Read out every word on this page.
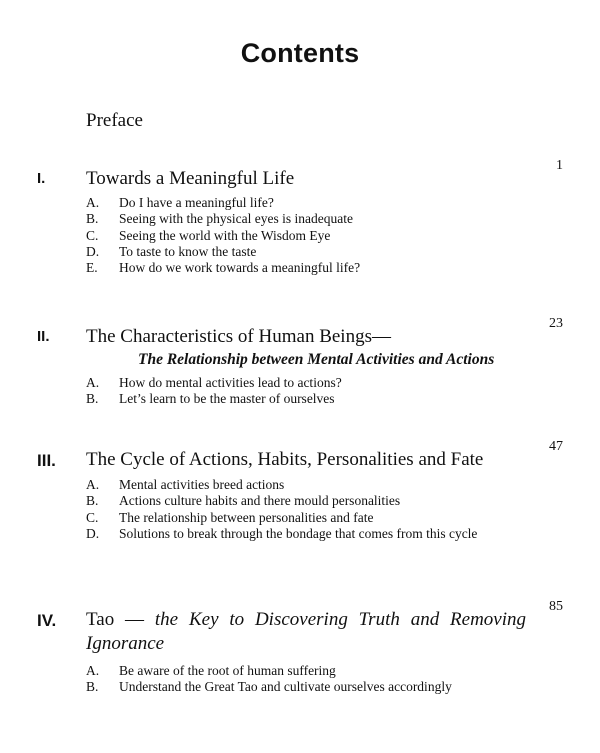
Contents
Preface
I. Towards a Meaningful Life
1
A. Do I have a meaningful life?
B. Seeing with the physical eyes is inadequate
C. Seeing the world with the Wisdom Eye
D. To taste to know the taste
E. How do we work towards a meaningful life?
II. The Characteristics of Human Beings—
The Relationship between Mental Activities and Actions
23
A. How do mental activities lead to actions?
B. Let’s learn to be the master of ourselves
III. The Cycle of Actions, Habits, Personalities and Fate
47
A. Mental activities breed actions
B. Actions culture habits and there mould personalities
C. The relationship between personalities and fate
D. Solutions to break through the bondage that comes from this cycle
IV. Tao — the Key to Discovering Truth and Removing Ignorance
85
A. Be aware of the root of human suffering
B. Understand the Great Tao and cultivate ourselves accordingly
